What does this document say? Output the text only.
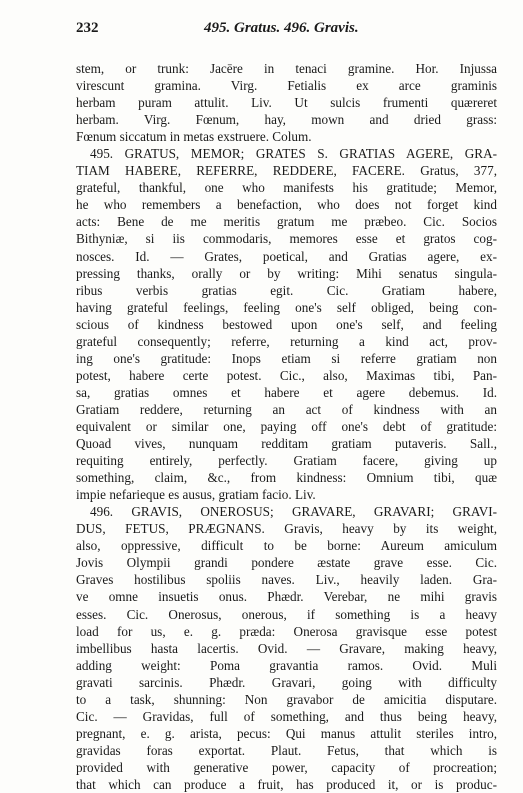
232	495. Gratus. 496. Gravis.
stem, or trunk: Jacēre in tenaci gramine. Hor. Injussa
virescunt gramina. Virg. Fetialis ex arce graminis
herbam puram attulit. Liv. Ut sulcis frumenti quæreret
herbam. Virg. Fœnum, hay, mown and dried grass:
Fœnum siccatum in metas exstruere. Colum.
495. GRATUS, MEMOR; GRATES S. GRATIAS AGERE, GRA-
TIAM HABERE, REFERRE, REDDERE, FACERE. Gratus, 377,
grateful, thankful, one who manifests his gratitude; Memor,
he who remembers a benefaction, who does not forget kind
acts: Bene de me meritis gratum me præbeo. Cic. Socios
Bithyniæ, si iis commodaris, memores esse et gratos cog-
nosces. Id. — Grates, poetical, and Gratias agere, ex-
pressing thanks, orally or by writing: Mihi senatus singula-
ribus verbis gratias egit. Cic. Gratiam habere,
having grateful feelings, feeling one's self obliged, being con-
scious of kindness bestowed upon one's self, and feeling
grateful consequently; referre, returning a kind act, prov-
ing one's gratitude: Inops etiam si referre gratiam non
potest, habere certe potest. Cic., also, Maximas tibi, Pan-
sa, gratias omnes et habere et agere debemus. Id.
Gratiam reddere, returning an act of kindness with an
equivalent or similar one, paying off one's debt of gratitude:
Quoad vives, nunquam redditam gratiam putaveris. Sall.,
requiting entirely, perfectly. Gratiam facere, giving up
something, claim, &c., from kindness: Omnium tibi, quæ
impie nefarieque es ausus, gratiam facio. Liv.
496. GRAVIS, ONEROSUS; GRAVARE, GRAVARI; GRAVI-
DUS, FETUS, PRÆGNANS. Gravis, heavy by its weight,
also, oppressive, difficult to be borne: Aureum amiculum
Jovis Olympii grandi pondere æstate grave esse. Cic.
Graves hostilibus spoliis naves. Liv., heavily laden. Gra-
ve omne insuetis onus. Phædr. Verebar, ne mihi gravis
esses. Cic. Onerosus, onerous, if something is a heavy
load for us, e. g. præda: Onerosa gravisque esse potest
imbellibus hasta lacertis. Ovid. — Gravare, making heavy,
adding weight: Poma gravantia ramos. Ovid. Muli
gravati sarcinis. Phædr. Gravari, going with difficulty
to a task, shunning: Non gravabor de amicitia disputare.
Cic. — Gravidas, full of something, and thus being heavy,
pregnant, e. g. arista, pecus: Qui manus attulit steriles intro,
gravidas foras exportat. Plaut. Fetus, that which is
provided with generative power, capacity of procreation;
that which can produce a fruit, has produced it, or is produc-
